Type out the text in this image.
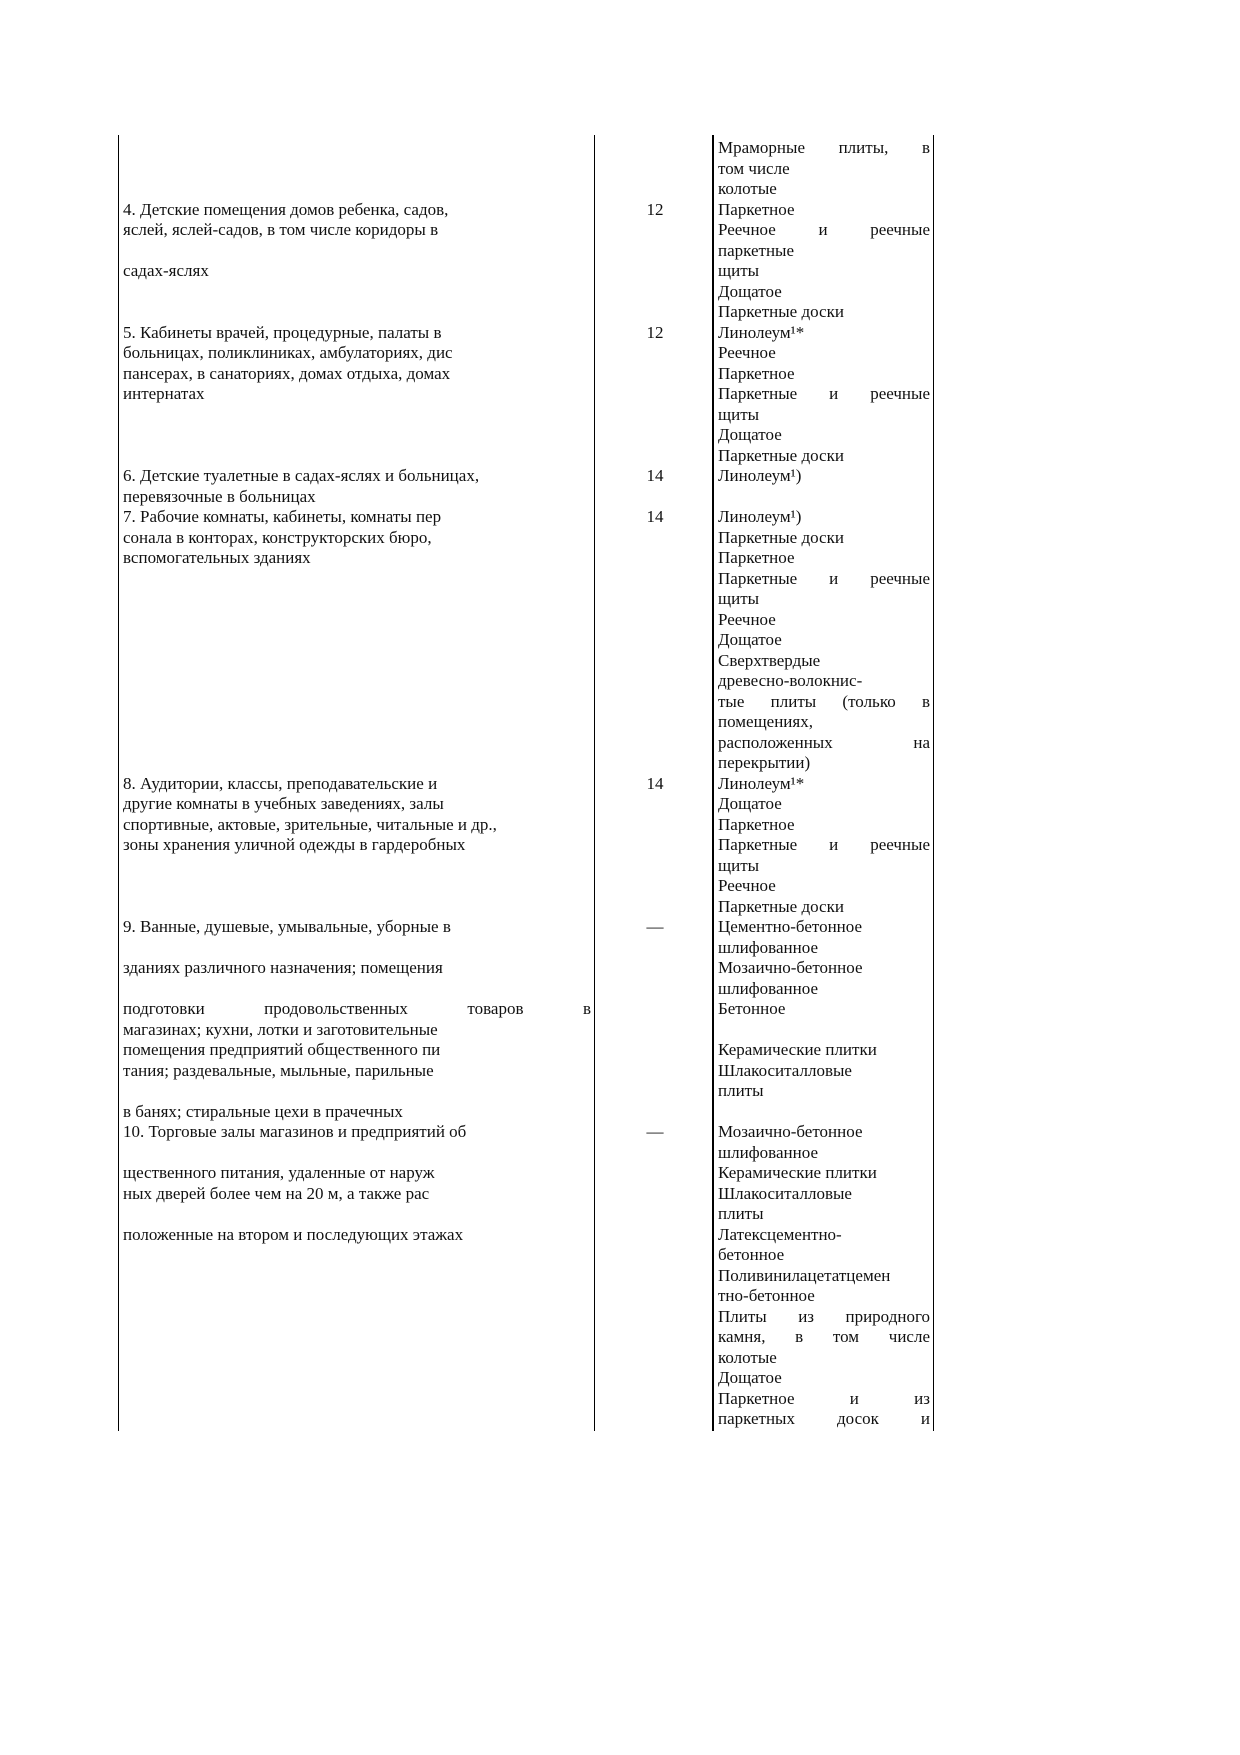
4. Детские помещения домов ребенка, садов,
яслей, яслей-садов, в том числе коридоры в
садах-яслях
12
5. Кабинеты врачей, процедурные, палаты в
больницах, поликлиниках, амбулаториях, дис
пансерах, в санаториях, домах отдыха, домах
интернатах
12
6. Детские туалетные в садах-яслях и больницах,
перевязочные в больницах
14
7. Рабочие комнаты, кабинеты, комнаты пер
сонала в конторах, конструкторских бюро,
вспомогательных зданиях
14
8. Аудитории, классы, преподавательские и
другие комнаты в учебных заведениях, залы
спортивные, актовые, зрительные, читальные и др.,
зоны хранения уличной одежды в гардеробных
14
9. Ванные, душевые, умывальные, уборные в
зданиях различного назначения; помещения
подготовки продовольственных товаров в
магазинах; кухни, лотки и заготовительные
помещения предприятий общественного пи
тания; раздевальные, мыльные, парильные
в банях; стиральные цехи в прачечных
—
10. Торговые залы магазинов и предприятий об
щественного питания, удаленные от наруж
ных дверей более чем на 20 м, а также рас
положенные на втором и последующих этажах
—
Мраморные плиты, в
том числе
колотые
Паркетное
Реечное и реечные
паркетные
щиты
Дощатое
Паркетные доски
Линолеум¹*
Реечное
Паркетное
Паркетные и реечные
щиты
Дощатое
Паркетные доски
Линолеум¹)
Линолеум¹)
Паркетные доски
Паркетное
Паркетные и реечные
щиты
Реечное
Дощатое
Сверхтвердые
древесно-волокнис-
тые плиты (только в
помещениях,
расположенных на
перекрытии)
Линолеум¹*
Дощатое
Паркетное
Паркетные и реечные
щиты
Реечное
Паркетные доски
Цементно-бетонное
шлифованное
Мозаично-бетонное
шлифованное
Бетонное
Керамические плитки
Шлакоситалловые
плиты
Мозаично-бетонное
шлифованное
Керамические плитки
Шлакоситалловые
плиты
Латексцементно-
бетонное
Поливинилацетатцемен
тно-бетонное
Плиты из природного
камня, в том числе
колотые
Дощатое
Паркетное и из
паркетных досок и
